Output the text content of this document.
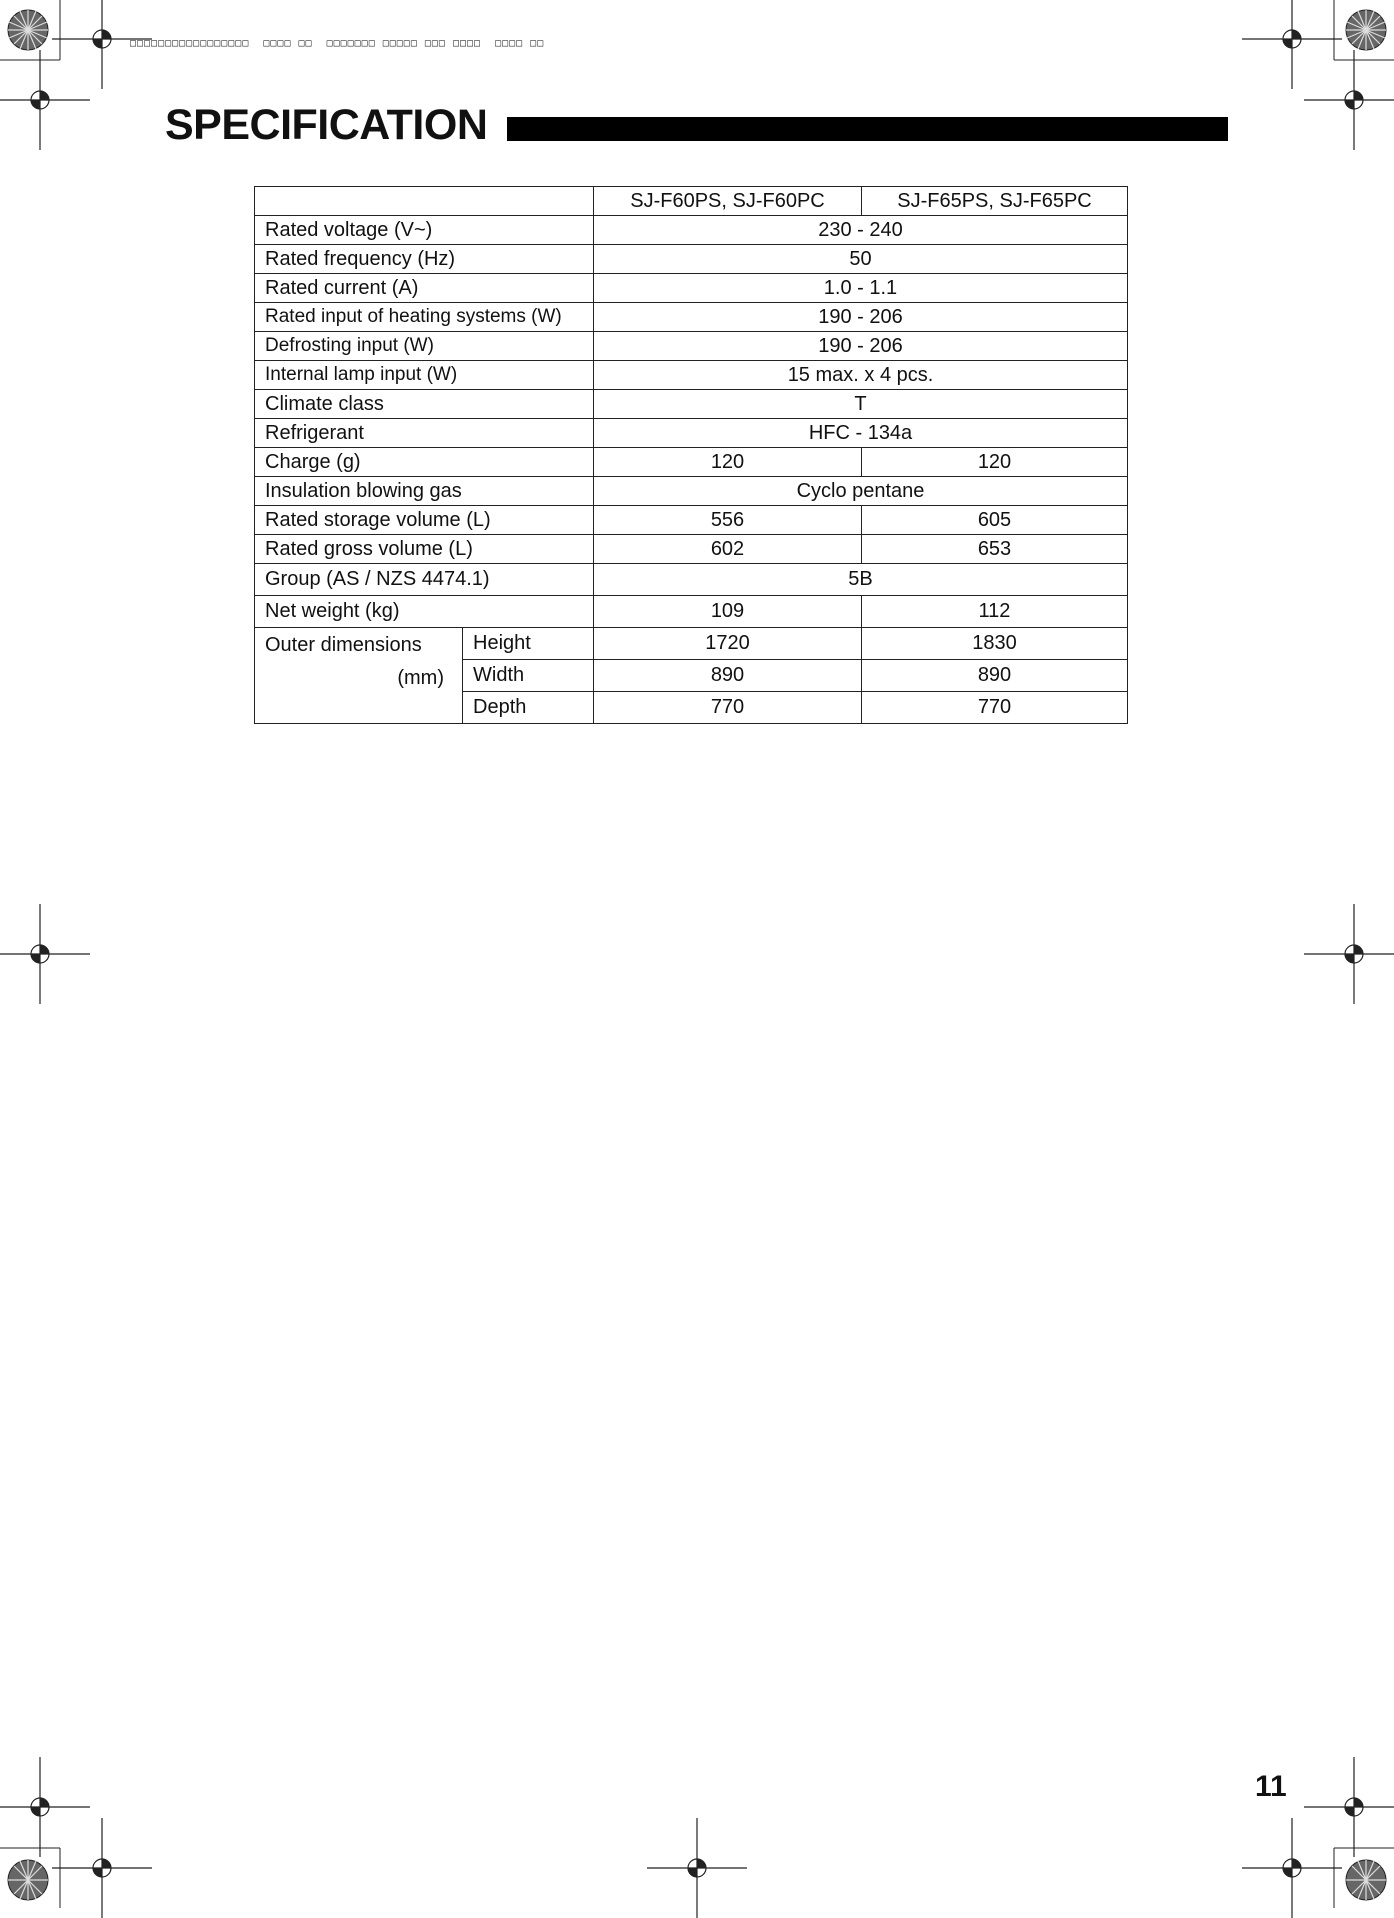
□□□□□□□□□□□□□□□□□  □□□□ □□  □□□□□□□ □□□□□ □□□ □□□□  □□□□ □□
SPECIFICATION
		SJ-F60PS, SJ-F60PC	SJ-F65PS, SJ-F65PC
Rated voltage (V~)		230 - 240	
Rated frequency (Hz)		50	
Rated current (A)		1.0 - 1.1	
Rated input of heating systems (W)		190 - 206	
Defrosting input (W)		190 - 206	
Internal lamp input (W)		15 max. x 4 pcs.	
Climate class		T	
Refrigerant		HFC - 134a	
Charge (g)		120	120
Insulation blowing gas		Cyclo pentane	
Rated storage volume (L)		556	605
Rated gross volume (L)		602	653
Group (AS / NZS 4474.1)		5B	
Net weight (kg)		109	112
Outer dimensions
(mm)	Height	1720	1830
	Width	890	890
	Depth	770	770
11
